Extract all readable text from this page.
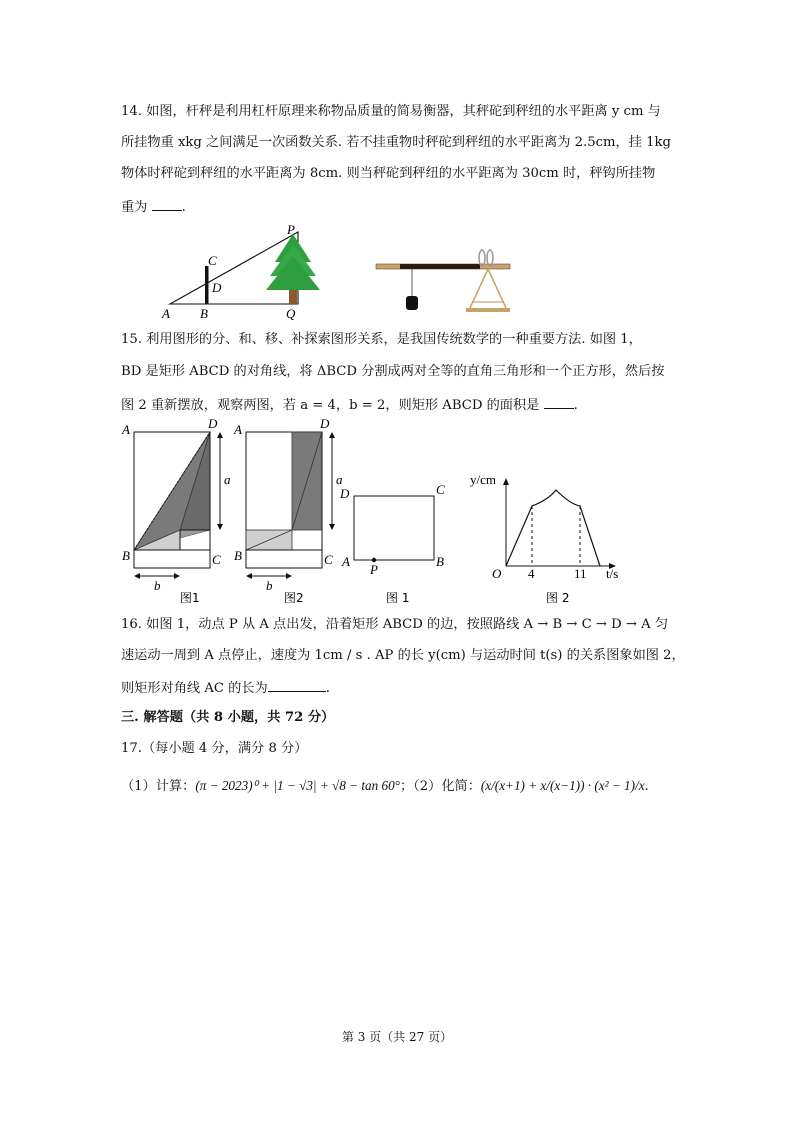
14. 如图，杆秤是利用杠杆原理来称物品质量的简易衡器，其秤砣到秤纽的水平距离 y cm 与
所挂物重 xkg 之间满足一次函数关系. 若不挂重物时秤砣到秤纽的水平距离为 2.5cm，挂 1kg
物体时秤砣到秤纽的水平距离为 8cm. 则当秤砣到秤纽的水平距离为 30cm 时，秤钩所挂物
重为	.
A B
C
D
P
Q
15. 利用图形的分、和、移、补探索图形关系，是我国传统数学的一种重要方法. 如图 1，
BD 是矩形 ABCD 的对角线，将 ΔBCD 分割成两对全等的直角三角形和一个正方形，然后按
图 2 重新摆放，观察两图，若 a = 4，b = 2，则矩形 ABCD 的面积是	.
A
B	C
D
a
b
图1
A
B	C
D
a
b
图2
D	C
A	B
P
图 1
y/cm
t/s
O 4	11
图 2
16. 如图 1，动点 P 从 A 点出发，沿着矩形 ABCD 的边，按照路线 A → B → C → D → A 匀
速运动一周到 A 点停止，速度为 1cm / s . AP 的长 y(cm) 与运动时间 t(s) 的关系图象如图 2，
则矩形对角线 AC 的长为	.
三. 解答题（共 8 小题，共 72 分）
17.（每小题 4 分，满分 8 分）
（1）计算：(π − 2023)⁰ + |1 − √3| + √8 − tan 60°；（2）化简：(x/(x+1) + x/(x−1)) · (x² − 1)/x.
第 3 页（共 27 页）
